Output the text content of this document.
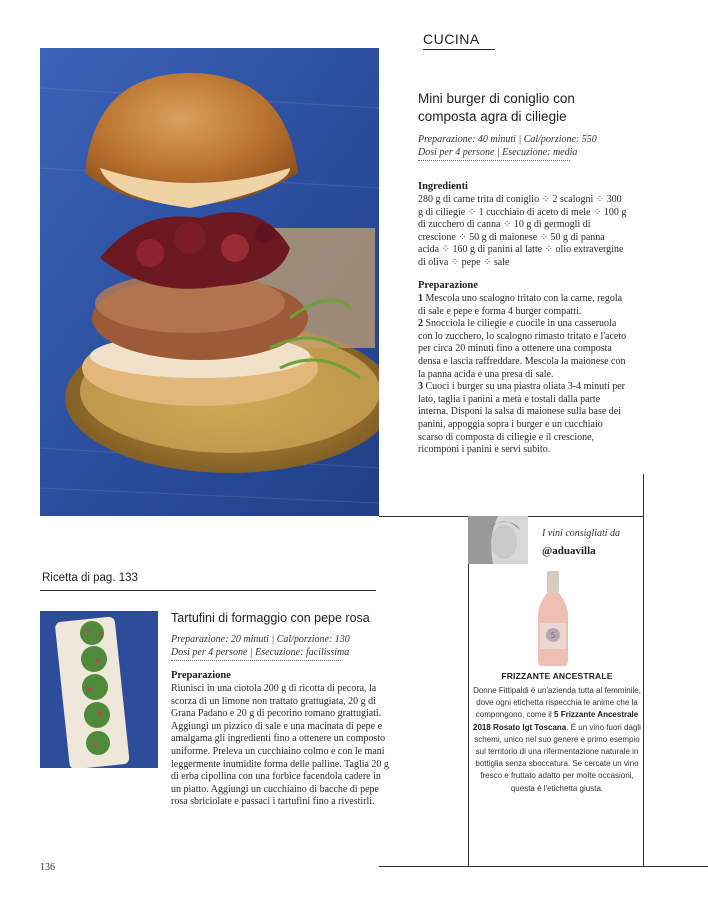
CUCINA
Mini burger di coniglio con composta agra di ciliegie
Preparazione: 40 minuti | Cal/porzione: 550
Dosi per 4 persone | Esecuzione: media
Ingredienti
280 g di carne trita di coniglio ⁘ 2 scalogni ⁘ 300 g di ciliegie ⁘ 1 cucchiaio di aceto di mele ⁘ 100 g di zucchero di canna ⁘ 10 g di germogli di crescione ⁘ 50 g di maionese ⁘ 50 g di panna acida ⁘ 160 g di panini al latte ⁘ olio extravergine di oliva ⁘ pepe ⁘ sale
Preparazione

1 Mescola uno scalogno tritato con la carne, regola di sale e pepe e forma 4 burger compatti.

2 Snocciola le ciliegie e cuocile in una casseruola con lo zucchero, lo scalogno rimasto tritato e l'aceto per circa 20 minuti fino a ottenere una composta densa e lascia raffreddare. Mescola la maionese con la panna acida e una presa di sale.

3 Cuoci i burger su una piastra oliata 3-4 minuti per lato, taglia i panini a metà e tostali dalla parte interna. Disponi la salsa di maionese sulla base dei panini, appoggia sopra i burger e un cucchiaio scarso di composta di ciliegie e il crescione, ricomponi i panini e servi subito.

Ricetta di pag. 133
Tartufini di formaggio con pepe rosa
Preparazione: 20 minuti | Cal/porzione: 130
Dosi per 4 persone | Esecuzione: facilissima
Preparazione
Riunisci in una ciotola 200 g di ricotta di pecora, la scorza di un limone non trattato grattugiata, 20 g di Grana Padano e 20 g di pecorino romano grattugiati. Aggiungi un pizzico di sale e una macinata di pepe e amalgama gli ingredienti fino a ottenere un composto uniforme. Preleva un cucchiaino colmo e con le mani leggermente inumidite forma delle palline. Taglia 20 g di erba cipollina con una forbice facendola cadere in un piatto. Aggiungi un cucchiaino di bacche di pepe rosa sbriciolate e passaci i tartufini fino a rivestirli.
I vini consigliati da
@aduavilla
5
FRIZZANTE ANCESTRALE
Donne Fittipaldi è un'azienda tutta al femminile, dove ogni etichetta rispecchia le anime che la compongono, come il 5 Frizzante Ancestrale 2018 Rosato Igt Toscana. È un vino fuori dagli schemi, unico nel suo genere e primo esempio sul territorio di una rifermentazione naturale in bottiglia senza sboccatura. Se cercate un vino fresco e fruttato adatto per molte occasioni, questa è l'etichetta giusta.
136
